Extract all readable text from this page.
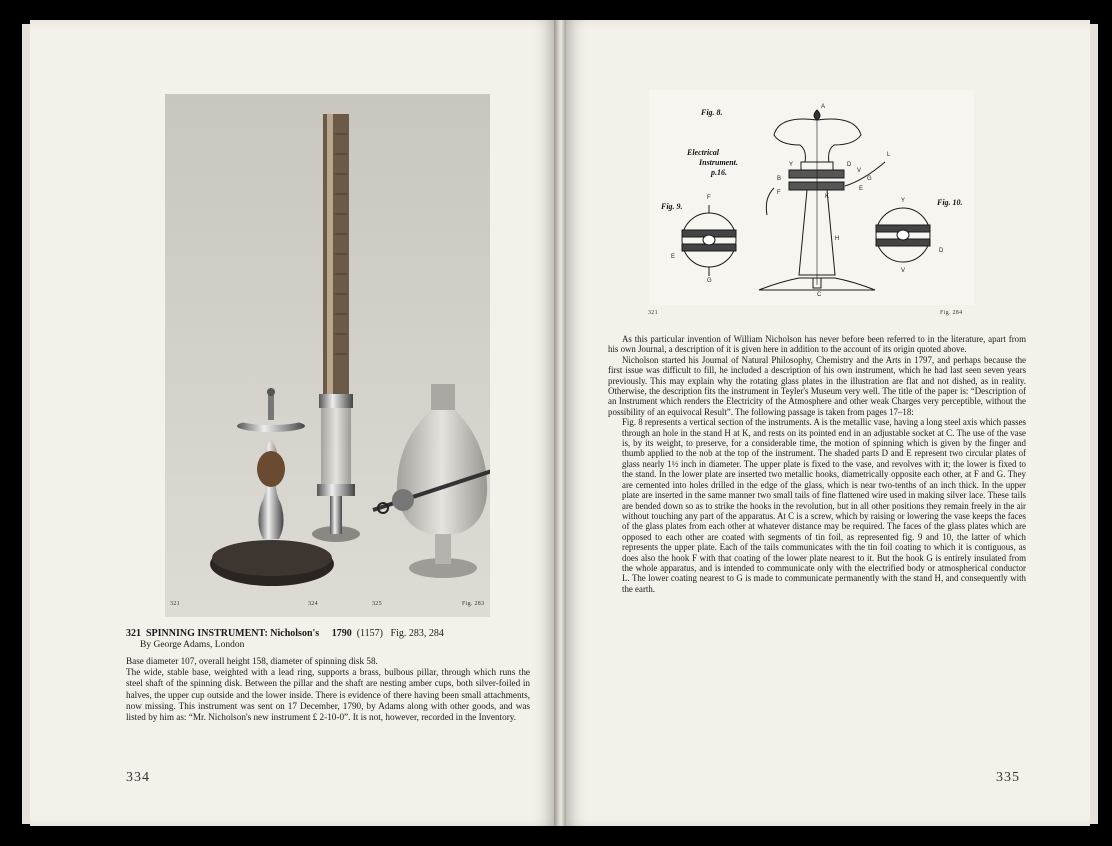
321	324	325	Fig. 283
321 SPINNING INSTRUMENT: Nicholson's 1790 (1157) Fig. 283, 284
By George Adams, London

Base diameter 107, overall height 158, diameter of spinning disk 58.

The wide, stable base, weighted with a lead ring, supports a brass, bulbous pillar, through which runs the steel shaft of the spinning disk. Between the pillar and the shaft are nesting amber cups, both silver-foiled in halves, the upper cup outside and the lower inside. There is evidence of there having been small attachments, now missing. This instrument was sent on 17 December, 1790, by Adams along with other goods, and was listed by him as: “Mr. Nicholson's new instrument £ 2-10-0”. It is not, however, recorded in the Inventory.

334
Fig. 8.
Electrical
Instrument.
p.16.
Fig. 9.	Fig. 10.
A
L
Y	D
V
G
B
K
E
F
H
C
E
G
Y
D
V
F
321	Fig. 284

As this particular invention of William Nicholson has never before been referred to in the literature, apart from his own Journal, a description of it is given here in addition to the account of its origin quoted above.

Nicholson started his Journal of Natural Philosophy, Chemistry and the Arts in 1797, and perhaps because the first issue was difficult to fill, he included a description of his own instrument, which he had last seen seven years previously. This may explain why the rotating glass plates in the illustration are flat and not dished, as in reality. Otherwise, the description fits the instrument in Teyler's Museum very well. The title of the paper is: “Description of an Instrument which renders the Electricity of the Atmosphere and other weak Charges very perceptible, without the possibility of an equivocal Result”. The following passage is taken from pages 17–18:

Fig. 8 represents a vertical section of the instruments. A is the metallic vase, having a long steel axis which passes through an hole in the stand H at K, and rests on its pointed end in an adjustable socket at C. The use of the vase is, by its weight, to preserve, for a considerable time, the motion of spinning which is given by the finger and thumb applied to the nob at the top of the instrument. The shaded parts D and E represent two circular plates of glass nearly 1½ inch in diameter. The upper plate is fixed to the vase, and revolves with it; the lower is fixed to the stand. In the lower plate are inserted two metallic hooks, diametrically opposite each other, at F and G. They are cemented into holes drilled in the edge of the glass, which is near two-tenths of an inch thick. In the upper plate are inserted in the same manner two small tails of fine flattened wire used in making silver lace. These tails are bended down so as to strike the hooks in the revolution, but in all other positions they remain freely in the air without touching any part of the apparatus. At C is a screw, which by raising or lowering the vase keeps the faces of the glass plates from each other at whatever distance may be required. The faces of the glass plates which are opposed to each other are coated with segments of tin foil, as represented fig. 9 and 10, the latter of which represents the upper plate. Each of the tails communicates with the tin foil coating to which it is contiguous, as does also the hook F with that coating of the lower plate nearest to it. But the hook G is entirely insulated from the whole apparatus, and is intended to communicate only with the electrified body or atmospherical conductor L. The lower coating nearest to G is made to communicate permanently with the stand H, and consequently with the earth.

335
